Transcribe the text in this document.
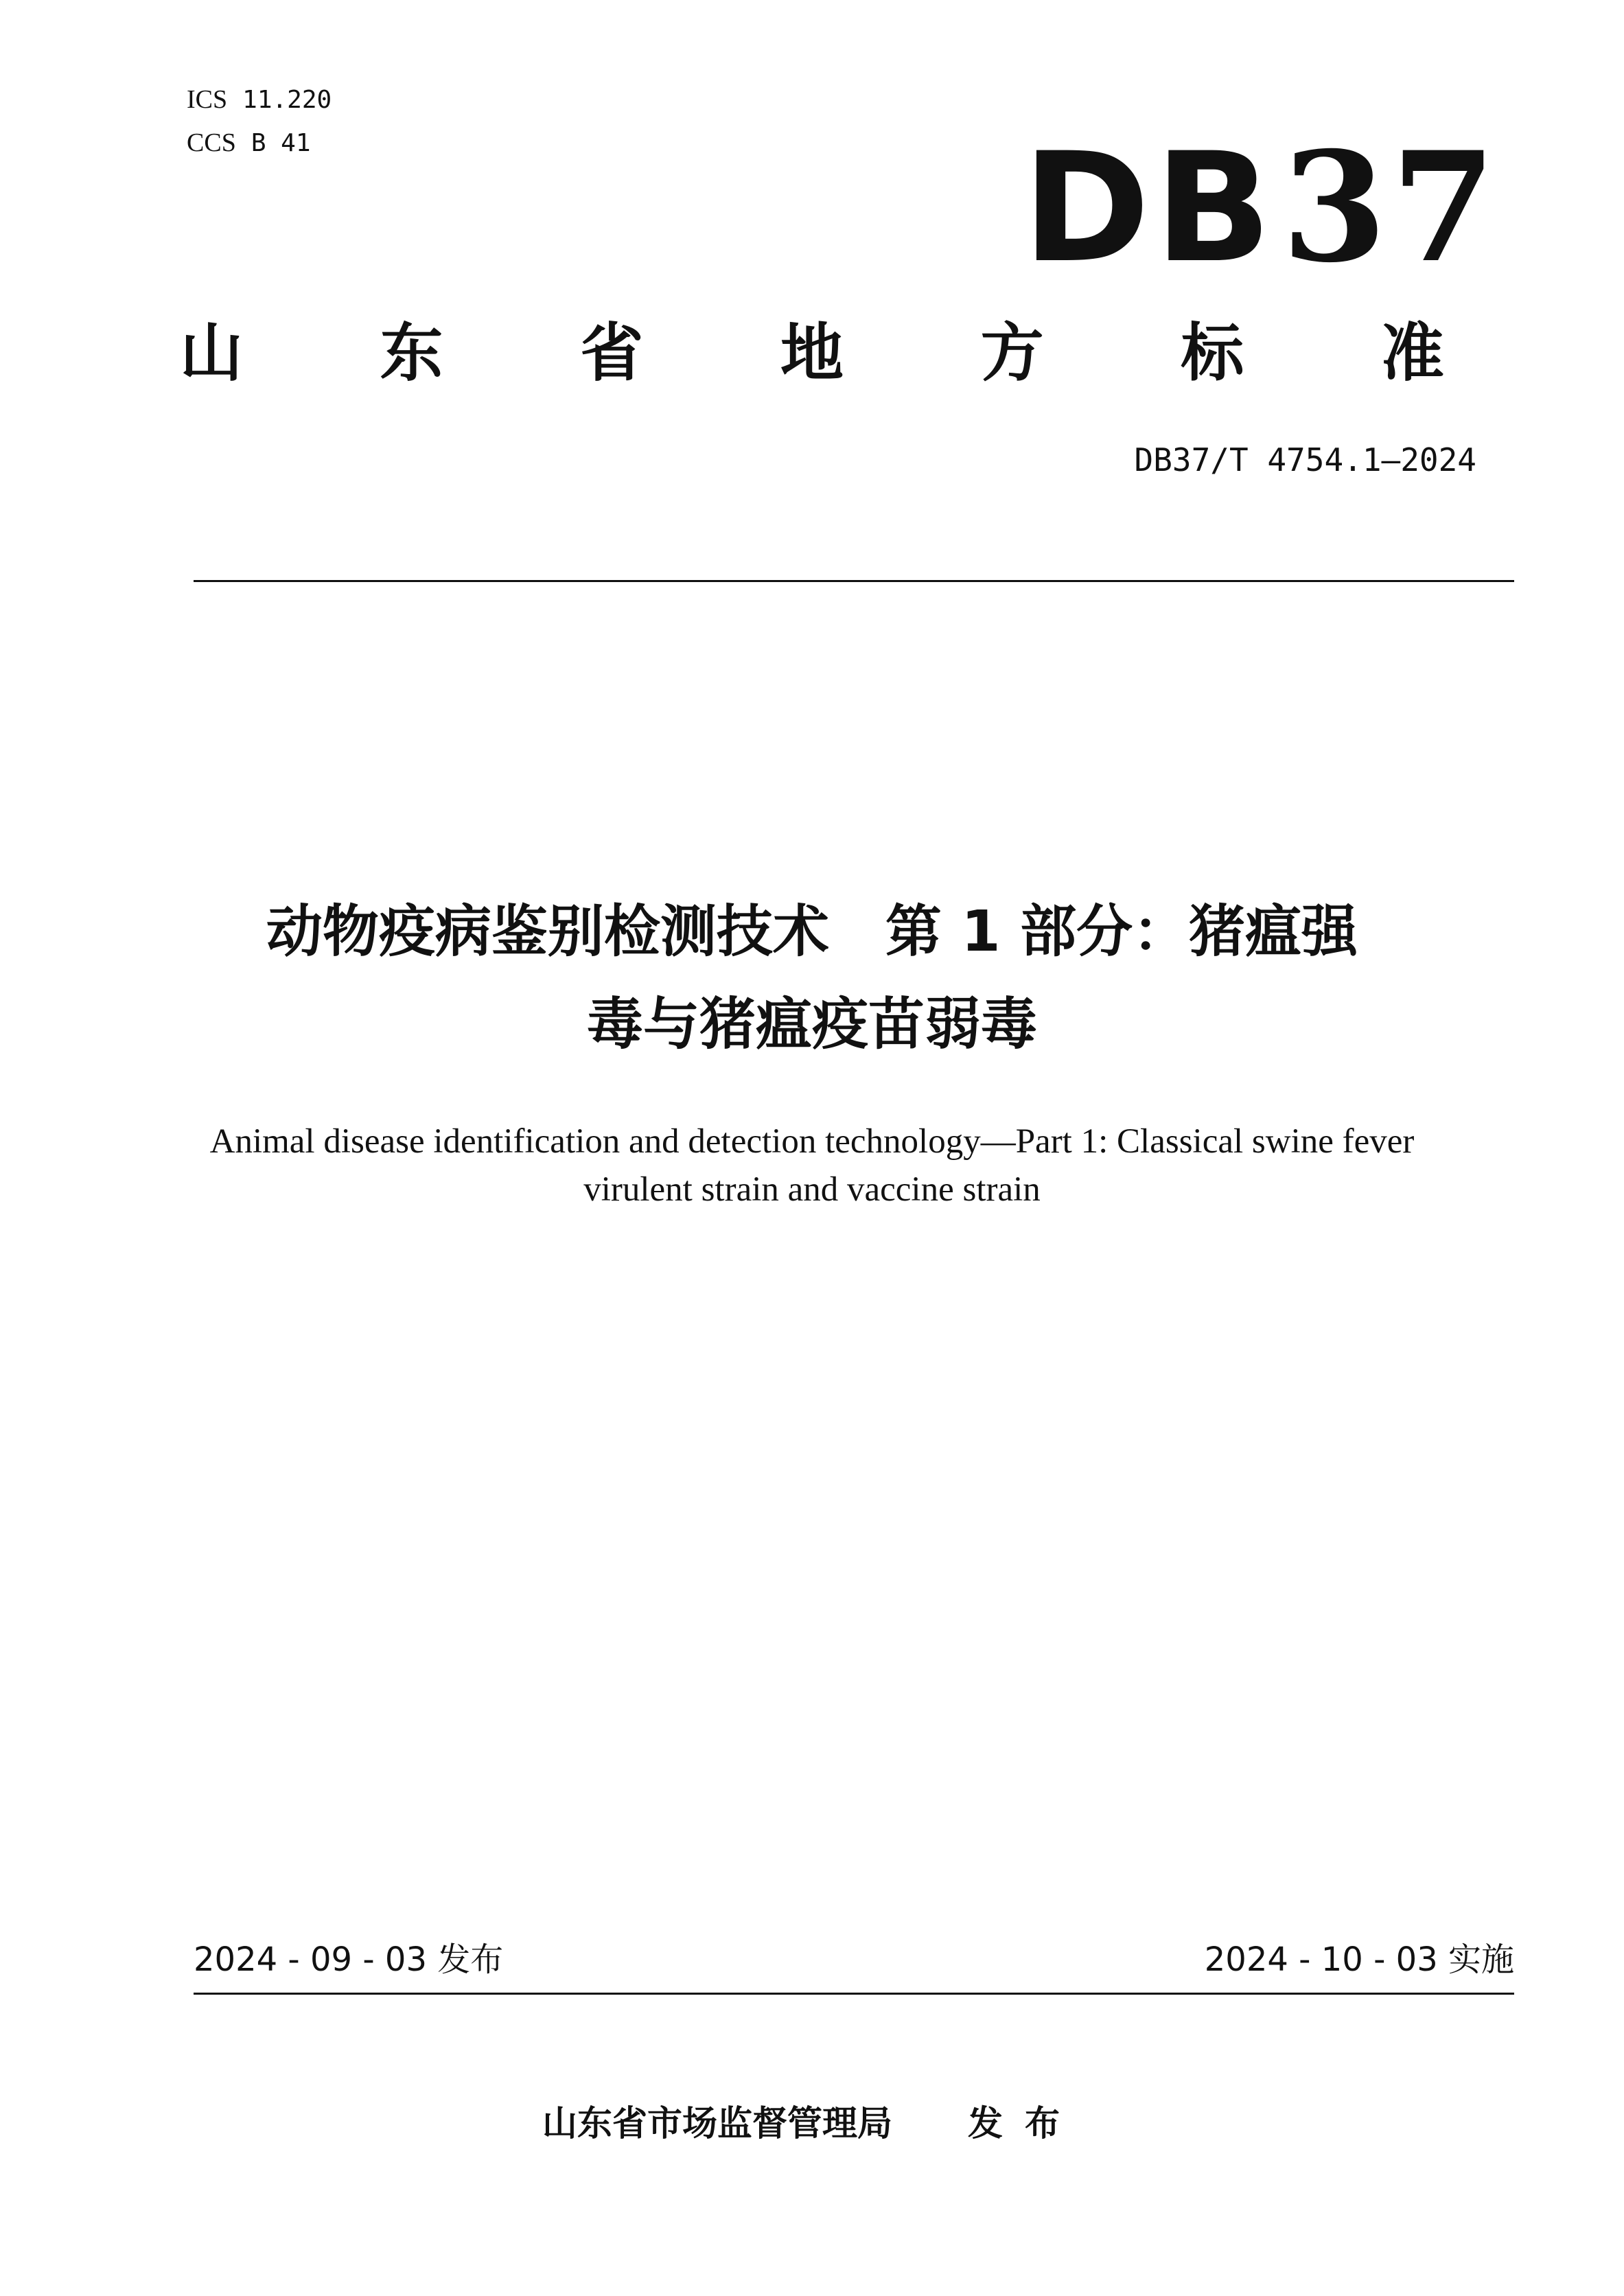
ICS 11.220
CCS B 41	DB37
山 东 省 地 方 标 准
DB37/T 4754.1—2024
动物疫病鉴别检测技术　第 1 部分：猪瘟强
毒与猪瘟疫苗弱毒
Animal disease identification and detection technology—Part 1: Classical swine fever
virulent strain and vaccine strain
2024 - 09 - 03 发布	2024 - 10 - 03 实施
山东省市场监督管理局 发布
